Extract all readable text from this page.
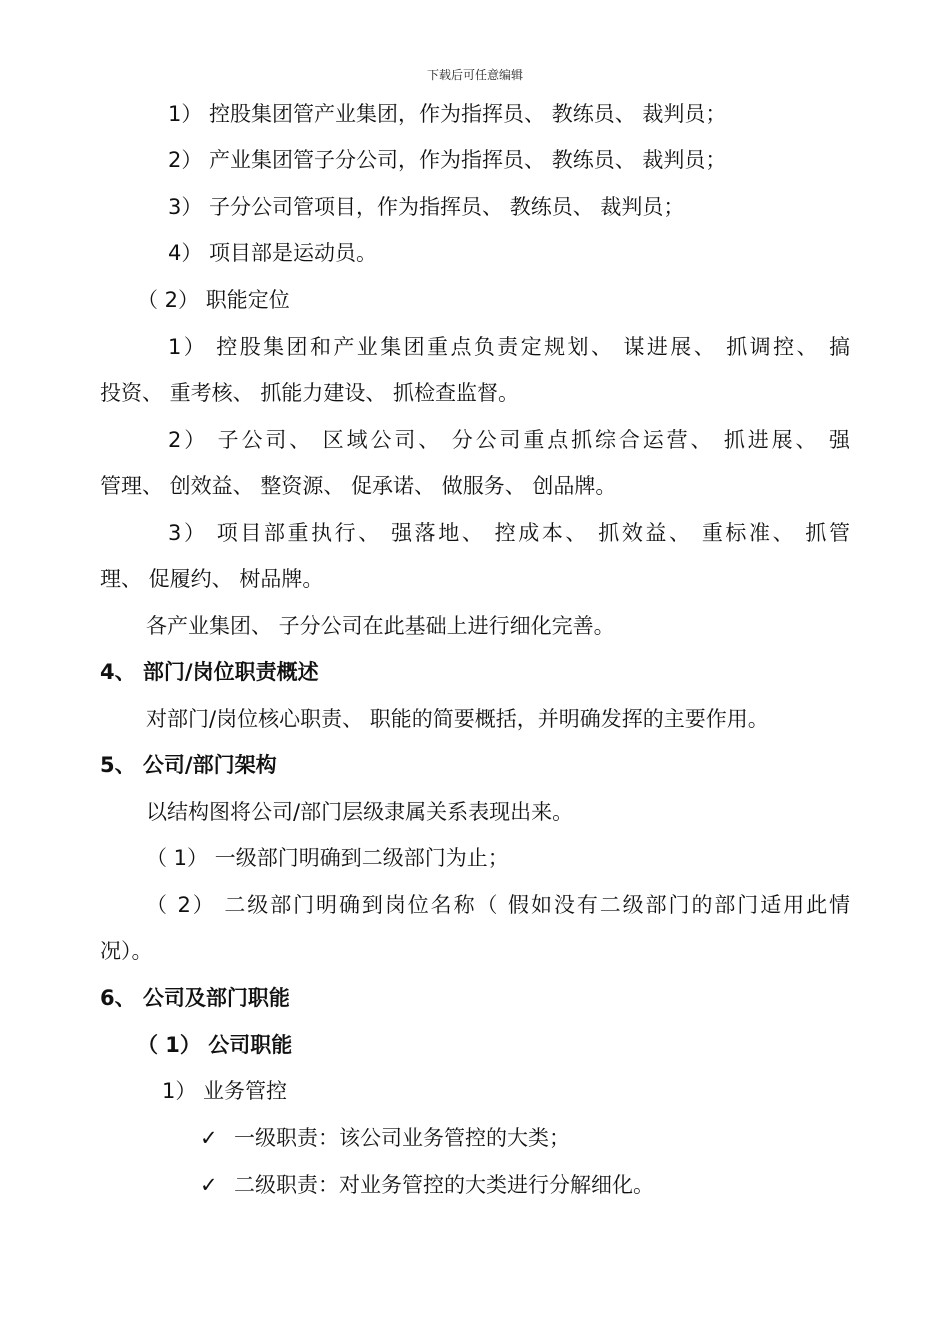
下载后可任意编辑
1） 控股集团管产业集团，作为指挥员、 教练员、 裁判员；
2） 产业集团管子分公司，作为指挥员、 教练员、 裁判员；
3） 子分公司管项目，作为指挥员、 教练员、 裁判员；
4） 项目部是运动员。
（ 2） 职能定位
1） 控股集团和产业集团重点负责定规划、 谋进展、 抓调控、 搞
投资、 重考核、 抓能力建设、 抓检查监督。
2） 子公司、 区域公司、 分公司重点抓综合运营、 抓进展、 强
管理、 创效益、 整资源、 促承诺、 做服务、 创品牌。
3） 项目部重执行、 强落地、 控成本、 抓效益、 重标准、 抓管
理、 促履约、 树品牌。
各产业集团、 子分公司在此基础上进行细化完善。
4、 部门/岗位职责概述
对部门/岗位核心职责、 职能的简要概括，并明确发挥的主要作用。
5、 公司/部门架构
以结构图将公司/部门层级隶属关系表现出来。
（ 1） 一级部门明确到二级部门为止；
（ 2） 二级部门明确到岗位名称（ 假如没有二级部门的部门适用此情
况）。
6、 公司及部门职能
（ 1） 公司职能
1） 业务管控
✓ 一级职责：该公司业务管控的大类；
✓ 二级职责：对业务管控的大类进行分解细化。
